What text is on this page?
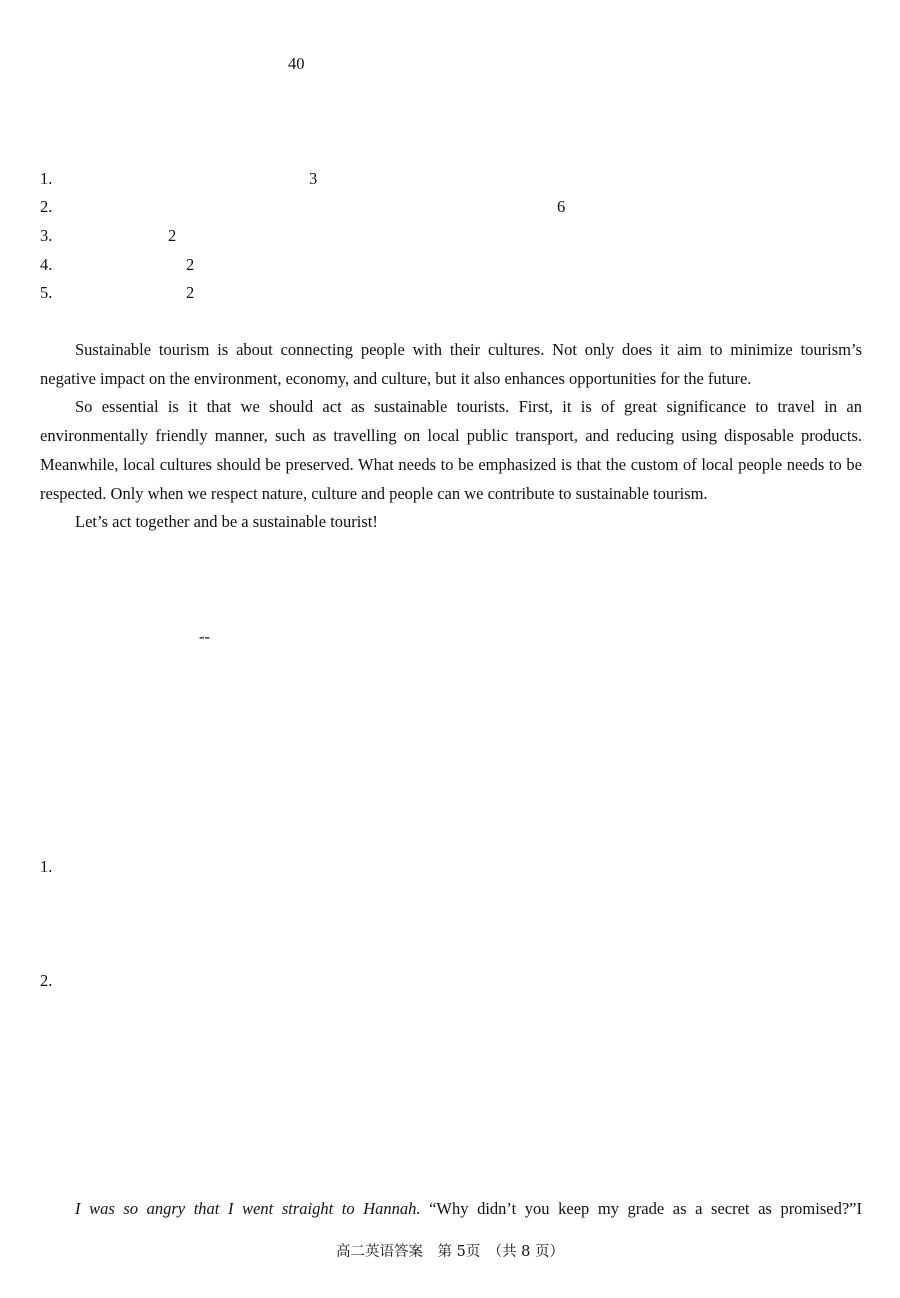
40
1.	3
2.	6
3.	2
4.	2
5.	2

Sustainable tourism is about connecting people with their cultures. Not only does it aim to minimize tourism’s negative impact on the environment, economy, and culture, but it also enhances opportunities for the future.

So essential is it that we should act as sustainable tourists. First, it is of great significance to travel in an environmentally friendly manner, such as travelling on local public transport, and reducing using disposable products. Meanwhile, local cultures should be preserved. What needs to be emphasized is that the custom of local people needs to be respected. Only when we respect nature, culture and people can we contribute to sustainable tourism.

Let’s act together and be a sustainable tourist!

--
1.
2.

I was so angry that I went straight to Hannah. “Why didn’t you keep my grade as a secret as promised?”I

高二英语答案　第 5页　（共 8 页）
